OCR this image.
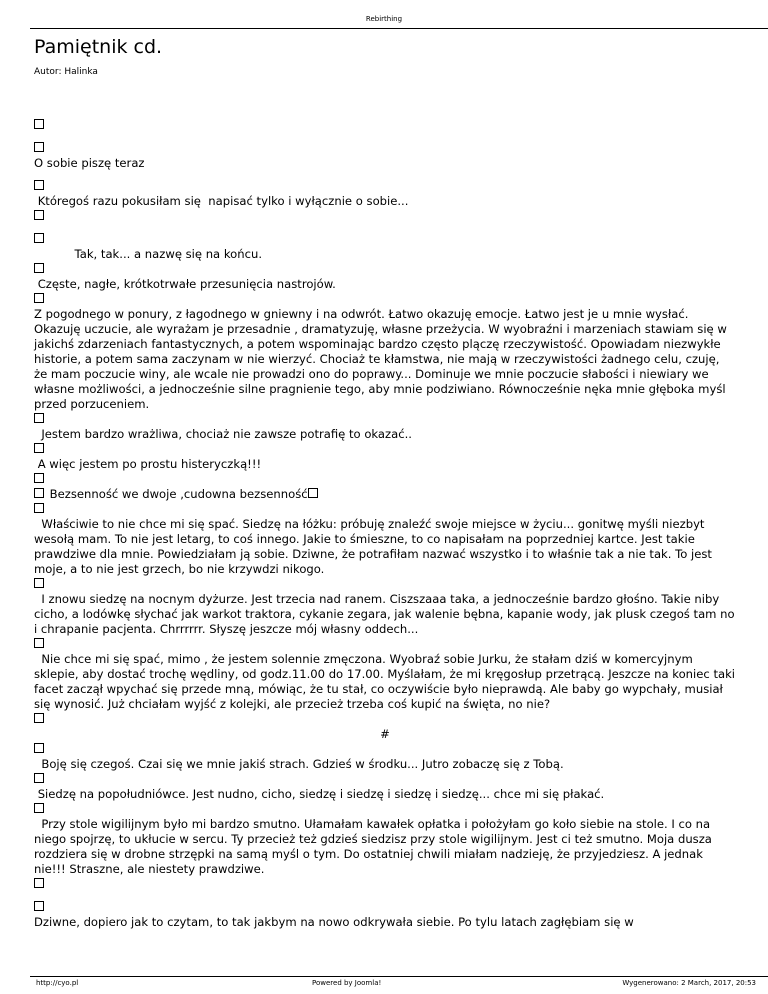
Rebirthing
Pamiętnik cd.
Autor: Halinka
O sobie piszę teraz
Któregoś razu pokusiłam się  napisać tylko i wyłącznie o sobie...
Tak, tak... a nazwę się na końcu.
Częste, nagłe, krótkotrwałe przesunięcia nastrojów.
Z pogodnego w ponury, z łagodnego w gniewny i na odwrót. Łatwo okazuję emocje. Łatwo jest je u mnie wysłać. Okazuję uczucie, ale wyrażam je przesadnie , dramatyzuję, własne przeżycia. W wyobraźni i marzeniach stawiam się w jakichś zdarzeniach fantastycznych, a potem wspominając bardzo często plączę rzeczywistość. Opowiadam niezwykłe historie, a potem sama zaczynam w nie wierzyć. Chociaż te kłamstwa, nie mają w rzeczywistości żadnego celu, czuję, że mam poczucie winy, ale wcale nie prowadzi ono do poprawy... Dominuje we mnie poczucie słabości i niewiary we własne możliwości, a jednocześnie silne pragnienie tego, aby mnie podziwiano. Równocześnie nęka mnie głęboka myśl przed porzuceniem.
Jestem bardzo wrażliwa, chociaż nie zawsze potrafię to okazać..
A więc jestem po prostu histeryczką!!!
Bezsenność we dwoje ,cudowna bezsenność
Właściwie to nie chce mi się spać. Siedzę na łóżku: próbuję znaleźć swoje miejsce w życiu... gonitwę myśli niezbyt wesołą mam. To nie jest letarg, to coś innego. Jakie to śmieszne, to co napisałam na poprzedniej kartce. Jest takie prawdziwe dla mnie. Powiedziałam ją sobie. Dziwne, że potrafiłam nazwać wszystko i to właśnie tak a nie tak. To jest moje, a to nie jest grzech, bo nie krzywdzi nikogo.
I znowu siedzę na nocnym dyżurze. Jest trzecia nad ranem. Ciszszaaa taka, a jednocześnie bardzo głośno. Takie niby cicho, a lodówkę słychać jak warkot traktora, cykanie zegara, jak walenie bębna, kapanie wody, jak plusk czegoś tam no i chrapanie pacjenta. Chrrrrrr. Słyszę jeszcze mój własny oddech...
Nie chce mi się spać, mimo , że jestem solennie zmęczona. Wyobraź sobie Jurku, że stałam dziś w komercyjnym sklepie, aby dostać trochę wędliny, od godz.11.00 do 17.00. Myślałam, że mi kręgosłup przetrącą. Jeszcze na koniec taki facet zaczął wpychać się przede mną, mówiąc, że tu stał, co oczywiście było nieprawdą. Ale baby go wypchały, musiał się wynosić. Już chciałam wyjść z kolejki, ale przecież trzeba coś kupić na święta, no nie?
#
Boję się czegoś. Czai się we mnie jakiś strach. Gdzieś w środku... Jutro zobaczę się z Tobą.
Siedzę na popołudniówce. Jest nudno, cicho, siedzę i siedzę i siedzę i siedzę... chce mi się płakać.
Przy stole wigilijnym było mi bardzo smutno. Ułamałam kawałek opłatka i położyłam go koło siebie na stole. I co na niego spojrzę, to ukłucie w sercu. Ty przecież też gdzieś siedzisz przy stole wigilijnym. Jest ci też smutno. Moja dusza rozdziera się w drobne strzępki na samą myśl o tym. Do ostatniej chwili miałam nadzieję, że przyjedziesz. A jednak nie!!! Straszne, ale niestety prawdziwe.
Dziwne, dopiero jak to czytam, to tak jakbym na nowo odkrywała siebie. Po tylu latach zagłębiam się w
http://cyo.pl	Powered by Joomla!	Wygenerowano: 2 March, 2017, 20:53
